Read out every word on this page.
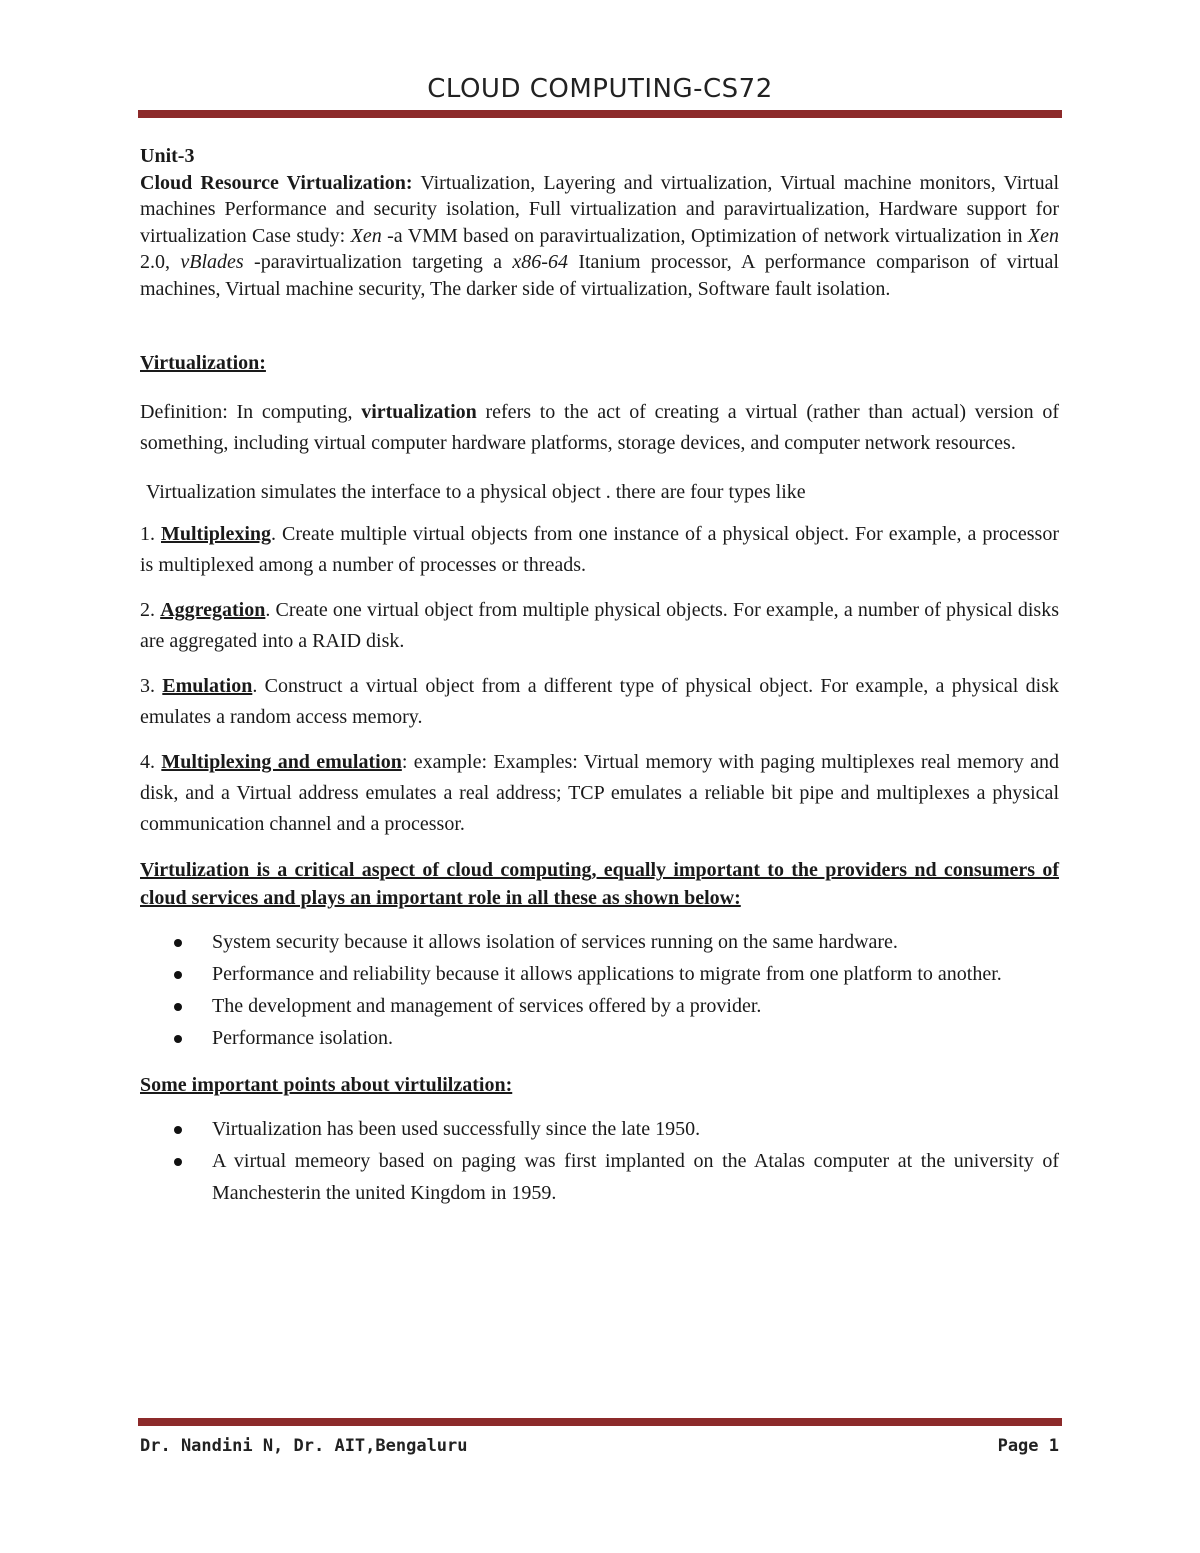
CLOUD COMPUTING-CS72

Unit-3

Cloud Resource Virtualization: Virtualization, Layering and virtualization, Virtual machine monitors, Virtual machines Performance and security isolation, Full virtualization and paravirtualization, Hardware support for virtualization Case study: Xen -a VMM based on paravirtualization, Optimization of network virtualization in Xen 2.0, vBlades -paravirtualization targeting a x86-64 Itanium processor, A performance comparison of virtual machines, Virtual machine security, The darker side of virtualization, Software fault isolation.

Virtualization:

Definition: In computing, virtualization refers to the act of creating a virtual (rather than actual) version of something, including virtual computer hardware platforms, storage devices, and computer network resources.

Virtualization simulates the interface to a physical object . there are four types like

1. Multiplexing. Create multiple virtual objects from one instance of a physical object. For example, a processor is multiplexed among a number of processes or threads.

2. Aggregation. Create one virtual object from multiple physical objects. For example, a number of physical disks are aggregated into a RAID disk.

3. Emulation. Construct a virtual object from a different type of physical object. For example, a physical disk emulates a random access memory.

4. Multiplexing and emulation: example: Examples: Virtual memory with paging multiplexes real memory and disk, and a Virtual address emulates a real address; TCP emulates a reliable bit pipe and multiplexes a physical communication channel and a processor.

Virtulization is a critical aspect of cloud computing, equally important to the providers nd consumers of cloud services and plays an important role in all these as shown below:

System security because it allows isolation of services running on the same hardware.
Performance and reliability because it allows applications to migrate from one platform to another.
The development and management of services offered by a provider.
Performance isolation.

Some important points about virtulilzation:

Virtualization has been used successfully since the late 1950.
A virtual memeory based on paging was first implanted on the Atalas computer at the university of Manchesterin the united Kingdom in 1959.
Dr. Nandini N, Dr. AIT,Bengaluru	Page 1
